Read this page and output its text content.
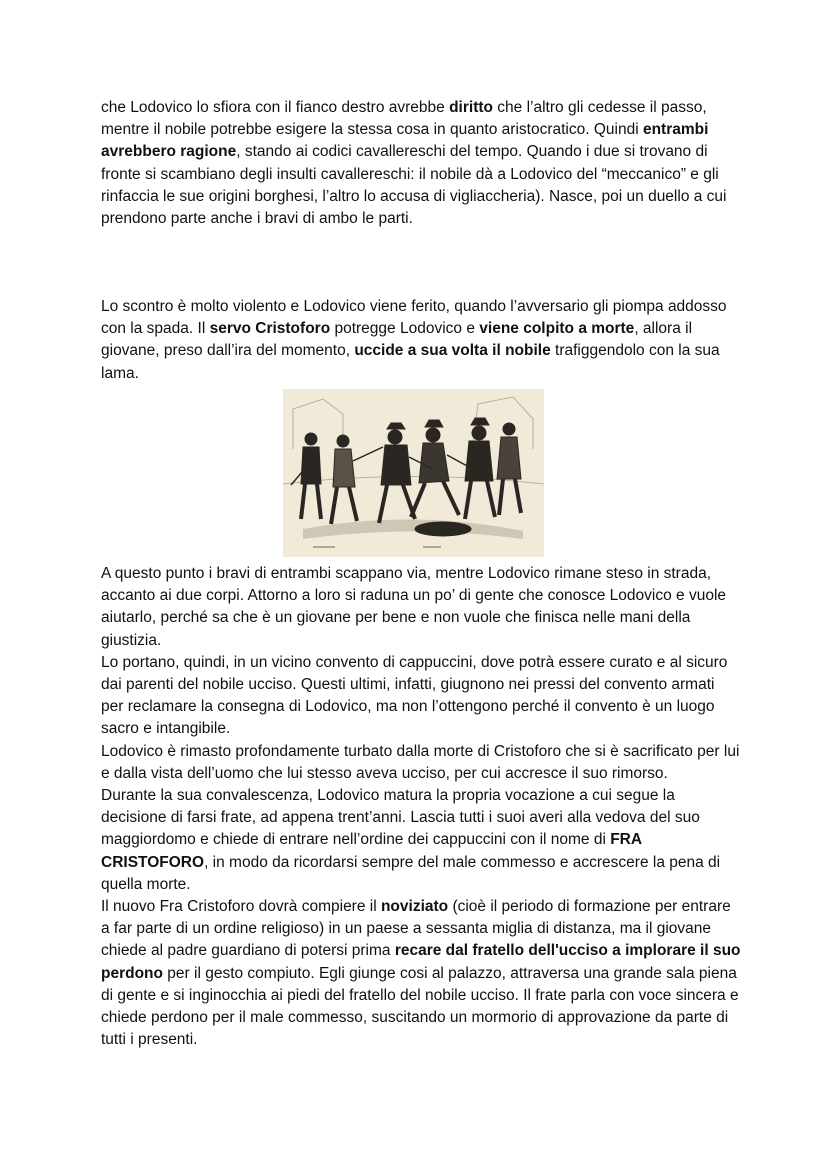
che Lodovico lo sfiora con il fianco destro avrebbe diritto che l’altro gli cedesse il passo, mentre il nobile potrebbe esigere la stessa cosa in quanto aristocratico. Quindi entrambi avrebbero ragione, stando ai codici cavallereschi del tempo. Quando i due si trovano di fronte si scambiano degli insulti cavallereschi: il nobile dà a Lodovico del “meccanico” e gli rinfaccia le sue origini borghesi, l’altro lo accusa di vigliaccheria). Nasce, poi un duello a cui prendono parte anche i bravi di ambo le parti.

Lo scontro è molto violento e Lodovico viene ferito, quando l’avversario gli piompa addosso con la spada. Il servo Cristoforo potregge Lodovico e viene colpito a morte, allora il giovane, preso dall’ira del momento, uccide a sua volta il nobile trafiggendolo con la sua lama.

A questo punto i bravi di entrambi scappano via, mentre Lodovico rimane steso in strada, accanto ai due corpi. Attorno a loro si raduna un po’ di gente che conosce Lodovico e vuole aiutarlo, perché sa che è un giovane per bene e non vuole che finisca nelle mani della giustizia.

Lo portano, quindi, in un vicino convento di cappuccini, dove potrà essere curato e al sicuro dai parenti del nobile ucciso. Questi ultimi, infatti, giugnono nei pressi del convento armati per reclamare la consegna di Lodovico, ma non l’ottengono perché il convento è un luogo sacro e intangibile.

Lodovico è rimasto profondamente turbato dalla morte di Cristoforo che si è sacrificato per lui e dalla vista dell’uomo che lui stesso aveva ucciso, per cui accresce il suo rimorso.

Durante la sua convalescenza, Lodovico matura la propria vocazione a cui segue la decisione di farsi frate, ad appena trent’anni. Lascia tutti i suoi averi alla vedova del suo maggiordomo e chiede di entrare nell’ordine dei cappuccini con il nome di FRA CRISTOFORO, in modo da ricordarsi sempre del male commesso e accrescere la pena di quella morte.

Il nuovo Fra Cristoforo dovrà compiere il noviziato (cioè il periodo di formazione per entrare a far parte di un ordine religioso) in un paese a sessanta miglia di distanza, ma il giovane chiede al padre guardiano di potersi prima recare dal fratello dell'ucciso a implorare il suo perdono per il gesto compiuto. Egli giunge cosi al palazzo, attraversa una grande sala piena di gente e si inginocchia ai piedi del fratello del nobile ucciso. Il frate parla con voce sincera e chiede perdono per il male commesso, suscitando un mormorio di approvazione da parte di tutti i presenti.
